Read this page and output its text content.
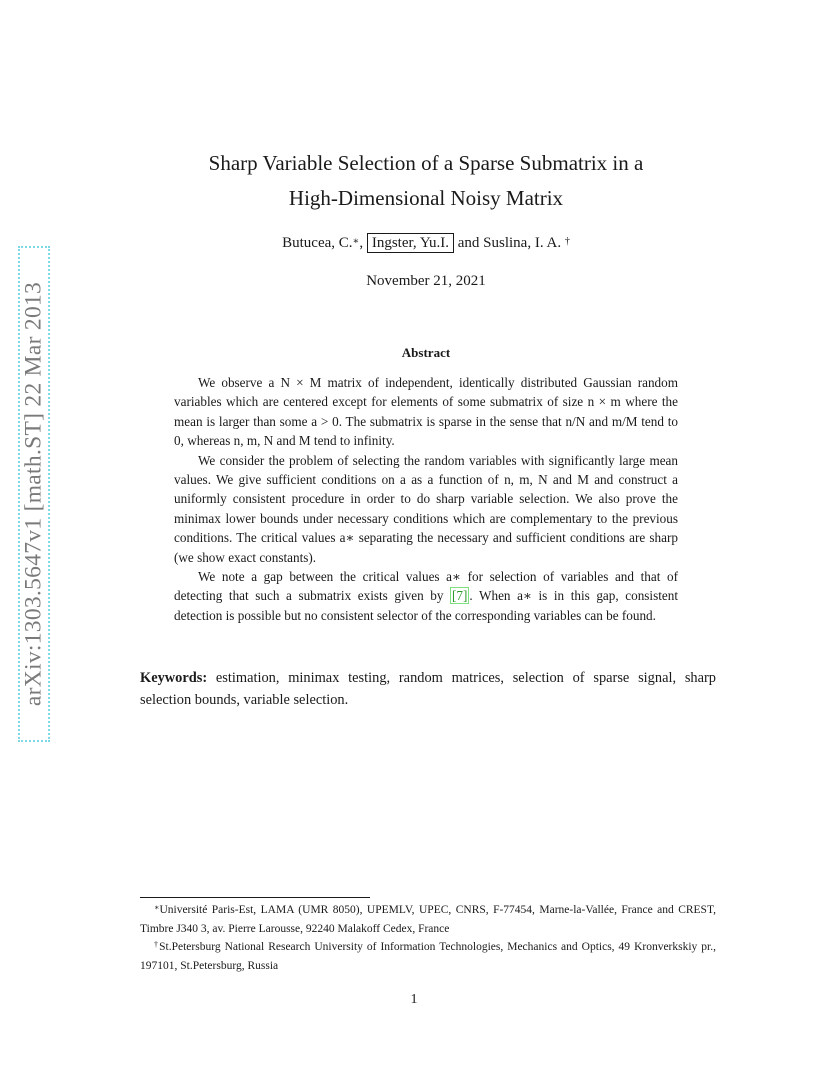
arXiv:1303.5647v1 [math.ST] 22 Mar 2013
Sharp Variable Selection of a Sparse Submatrix in a
High-Dimensional Noisy Matrix
Butucea, C.∗, Ingster, Yu.I. and Suslina, I. A. †
November 21, 2021
Abstract

We observe a N × M matrix of independent, identically distributed Gaussian random variables which are centered except for elements of some submatrix of size n × m where the mean is larger than some a > 0. The submatrix is sparse in the sense that n/N and m/M tend to 0, whereas n, m, N and M tend to infinity.

We consider the problem of selecting the random variables with significantly large mean values. We give sufficient conditions on a as a function of n, m, N and M and construct a uniformly consistent procedure in order to do sharp variable selection. We also prove the minimax lower bounds under necessary conditions which are complementary to the previous conditions. The critical values a∗ separating the necessary and sufficient conditions are sharp (we show exact constants).

We note a gap between the critical values a∗ for selection of variables and that of detecting that such a submatrix exists given by [7] . When a∗ is in this gap, consistent detection is possible but no consistent selector of the corresponding variables can be found.

Keywords: estimation, minimax testing, random matrices, selection of sparse signal, sharp selection bounds, variable selection.

∗Université Paris-Est, LAMA (UMR 8050), UPEMLV, UPEC, CNRS, F-77454, Marne-la-Vallée, France and CREST, Timbre J340 3, av. Pierre Larousse, 92240 Malakoff Cedex, France

†St.Petersburg National Research University of Information Technologies, Mechanics and Optics, 49 Kronverkskiy pr., 197101, St.Petersburg, Russia

1
